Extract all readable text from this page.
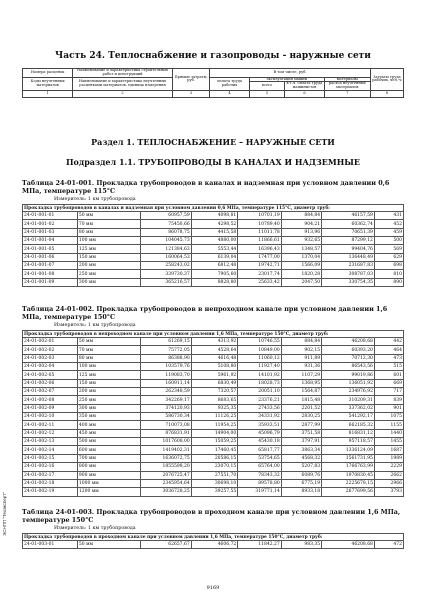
Часть 24. Теплоснабжение и газопроводы - наружные сети
Номера расценок	Наименование и характеристика строительных работ и конструкций	Прямые затраты, руб.	В том числе, руб.				Затраты труда рабочих, чел.-ч
Коды неучтенных материалов	Наименование и характеристика неучтенных расценками материалов, единица измерения		оплата труда рабочих	эксплуатация машин		материалы	
				всего	в т.ч. оплата труда машинистов	расход неучтенных материалов	
1	2	3	4	5	6	7	8
Раздел 1. ТЕПЛОСНАБЖЕНИЕ – НАРУЖНЫЕ СЕТИ
Подраздел 1.1. ТРУБОПРОВОДЫ В КАНАЛАХ И НАДЗЕМНЫЕ
Таблица 24-01-001. Прокладка трубопроводов в каналах и надземная при условном давлении 0,6 МПа, температуре 115°С
Измеритель: 1 км трубопровода
Прокладка трубопроводов в каналах и надземная при условном давлении 0,6 МПа, температуре 115°С, диаметр труб:							
24-01-001-01	50 мм	60957,59	4098,81	10701,19	884,84	46157,59	431
24-01-001-02	70 мм	75450,66	4298,52	10789,40	904,21	60362,74	452
24-01-001-03	80 мм	86078,75	4415,58	11011,78	913,96	70651,39	459
24-01-001-04	100 мм	104045,73	4880,00	11866,61	932,65	87299,12	500
24-01-001-05	125 мм	121384,63	5553,44	16396,43	1348,57	99404,76	569
24-01-001-06	150 мм	160064,53	6139,04	17477,00	1370,04	136448,49	629
24-01-001-07	200 мм	258243,02	6812,48	19742,71	1566,09	231687,83	698
24-01-001-08	250 мм	339730,37	7905,60	23017,74	1820,28	308787,03	810
24-01-001-09	300 мм	365216,57	8828,80	25633,42	2047,50	330754,35	890
Таблица 24-01-002. Прокладка трубопроводов в непроходном канале при условном давлении 1,6 МПа, температуре 150°С
Измеритель: 1 км трубопровода
Прокладка трубопроводов в непроходном канале при условном давлении 1,6 МПа, температуре 150°С, диаметр труб:							
24-01-002-01	50 мм	61269,15	4313,92	10746,55	884,84	46208,68	442
24-01-002-02	70 мм	75772,05	4528,64	10849,00	902,15	60393,20	464
24-01-002-03	80 мм	86388,90	4616,48	11060,12	911,89	70712,30	473
24-01-002-04	100 мм	103579,76	5108,80	11927,40	931,36	86543,56	515
24-01-002-05	125 мм	119083,70	5961,92	14101,92	1107,29	99019,86	601
24-01-002-06	150 мм	160911,14	6830,49	18028,73	1368,95	136051,92	669
24-01-002-07	200 мм	262348,59	7320,57	20051,10	1564,87	234976,92	717
24-01-002-08	250 мм	342269,17	8683,65	23376,21	1815,48	310209,31	839
24-01-002-09	300 мм	374120,93	9325,35	27433,56	2201,52	337362,02	901
24-01-002-10	350 мм	586730,34	11126,25	34331,92	2830,25	541292,17	1075
24-01-002-11	400 мм	710073,08	11954,25	35933,51	2877,99	662185,32	1155
24-01-002-12	450 мм	876831,91	14904,00	45096,79	3751,58	816831,12	1440
24-01-002-13	500 мм	1017608,00	15059,25	45430,18	3797,91	957118,57	1455
24-01-002-14	600 мм	1419402,31	17460,45	65817,77	3863,34	1336124,09	1687
24-01-002-15	700 мм	1636072,75	20586,15	53754,65	4568,32	1561731,95	1989
24-01-002-16	800 мм	1855598,20	23070,15	65764,00	5207,83	1766763,99	2229
24-01-002-17	900 мм	2076725,47	27551,70	78343,32	6089,76	1970830,45	2662
24-01-002-18	1000 мм	2345954,64	30698,10	89578,80	6775,19	2225678,15	2966
24-01-002-19	1200 мм	3036728,25	39257,55	319771,14	8933,18	2677699,56	3793
Таблица 24-01-003. Прокладка трубопроводов в проходном канале при условном давлении 1,6 МПа, температуре 150°С
Измеритель: 1 км трубопровода
Прокладка трубопроводов в проходном канале при условном давлении 1,6 МПа, температуре 150°С, диаметр труб:
24-01-003-01	50 мм	62657,67	4606,72	11842,27	983,35	46208,68	472
ЭСНПП "Техэксперт"
9169
